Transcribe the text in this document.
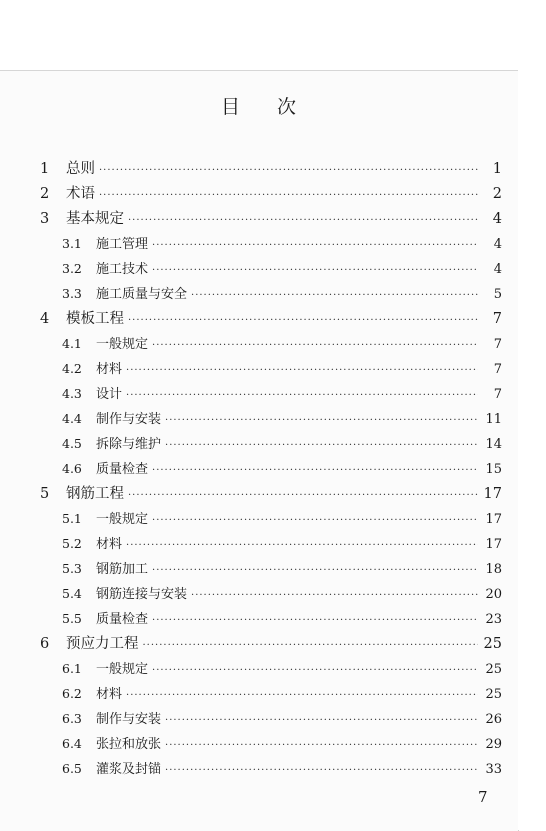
目 次
1	总则 ·····	1
2	术语 ·····	2
3	基本规定 ·····	4
3.1	施工管理 ·····	4
3.2	施工技术 ·····	4
3.3	施工质量与安全 ·····	5
4	模板工程 ·····	7
4.1	一般规定 ·····	7
4.2	材料 ·····	7
4.3	设计 ·····	7
4.4	制作与安装 ·····	11
4.5	拆除与维护 ·····	14
4.6	质量检查 ·····	15
5	钢筋工程 ·····	17
5.1	一般规定 ·····	17
5.2	材料 ·····	17
5.3	钢筋加工 ·····	18
5.4	钢筋连接与安装 ·····	20
5.5	质量检查 ·····	23
6	预应力工程 ·····	25
6.1	一般规定 ·····	25
6.2	材料 ·····	25
6.3	制作与安装 ·····	26
6.4	张拉和放张 ·····	29
6.5	灌浆及封锚 ·····	33
7
